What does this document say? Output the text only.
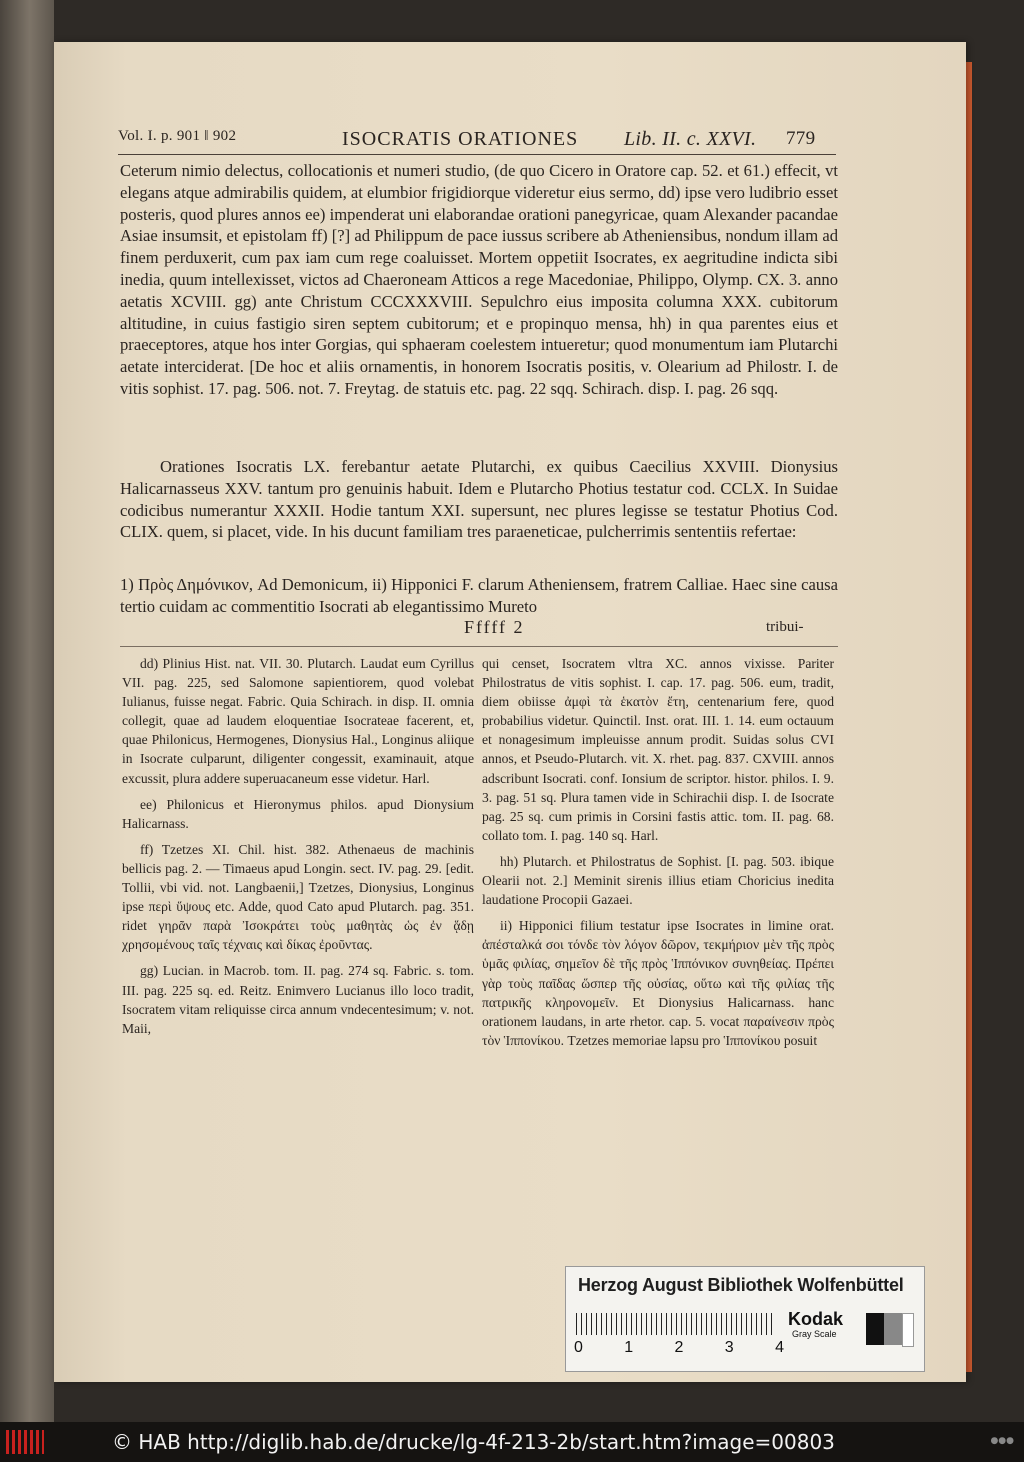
Vol. I. p. 901 ‖ 902	ISOCRATIS ORATIONES Lib. II. c. XXVI. 779
Ceterum nimio delectus, collocationis et numeri studio, (de quo Cicero in Oratore cap. 52. et 61.) effecit, vt elegans atque admirabilis quidem, at elumbior frigidiorque videretur eius sermo, dd) ipse vero ludibrio esset posteris, quod plures annos ee) impenderat uni elaborandae orationi panegyricae, quam Alexander pacandae Asiae insumsit, et epistolam ff) [?] ad Philippum de pace iussus scribere ab Atheniensibus, nondum illam ad finem perduxerit, cum pax iam cum rege coaluisset. Mortem oppetiit Isocrates, ex aegritudine indicta sibi inedia, quum intellexisset, victos ad Chaeroneam Atticos a rege Macedoniae, Philippo, Olymp. CX. 3. anno aetatis XCVIII. gg) ante Christum CCCXXXVIII. Sepulchro eius imposita columna XXX. cubitorum altitudine, in cuius fastigio siren septem cubitorum; et e propinquo mensa, hh) in qua parentes eius et praeceptores, atque hos inter Gorgias, qui sphaeram coelestem intueretur; quod monumentum iam Plutarchi aetate interciderat. [De hoc et aliis ornamentis, in honorem Isocratis positis, v. Olearium ad Philostr. I. de vitis sophist. 17. pag. 506. not. 7. Freytag. de statuis etc. pag. 22 sqq. Schirach. disp. I. pag. 26 sqq.
Orationes Isocratis LX. ferebantur aetate Plutarchi, ex quibus Caecilius XXVIII. Dionysius Halicarnasseus XXV. tantum pro genuinis habuit. Idem e Plutarcho Photius testatur cod. CCLX. In Suidae codicibus numerantur XXXII. Hodie tantum XXI. supersunt, nec plures legisse se testatur Photius Cod. CLIX. quem, si placet, vide. In his ducunt familiam tres paraeneticae, pulcherrimis sententiis refertae:
1) Πρὸς Δημόνικον, Ad Demonicum, ii) Hipponici F. clarum Atheniensem, fratrem Calliae. Haec sine causa tertio cuidam ac commentitio Isocrati ab elegantissimo Mureto
Fffff 2	tribui-

dd) Plinius Hist. nat. VII. 30. Plutarch. Laudat eum Cyrillus VII. pag. 225, sed Salomone sapientiorem, quod volebat Iulianus, fuisse negat. Fabric. Quia Schirach. in disp. II. omnia collegit, quae ad laudem eloquentiae Isocrateae facerent, et, quae Philonicus, Hermogenes, Dionysius Hal., Longinus aliique in Isocrate culparunt, diligenter congessit, examinauit, atque excussit, plura addere superuacaneum esse videtur. Harl.

ee) Philonicus et Hieronymus philos. apud Dionysium Halicarnass.

ff) Tzetzes XI. Chil. hist. 382. Athenaeus de machinis bellicis pag. 2. — Timaeus apud Longin. sect. IV. pag. 29. [edit. Tollii, vbi vid. not. Langbaenii,] Tzetzes, Dionysius, Longinus ipse περὶ ὕψους etc. Adde, quod Cato apud Plutarch. pag. 351. ridet γηρᾶν παρὰ Ἰσοκράτει τοὺς μαθητὰς ὡς ἐν ᾅδῃ χρησομένους ταῖς τέχναις καὶ δίκας ἐροῦντας.

gg) Lucian. in Macrob. tom. II. pag. 274 sq. Fabric. s. tom. III. pag. 225 sq. ed. Reitz. Enimvero Lucianus illo loco tradit, Isocratem vitam reliquisse circa annum vndecentesimum; v. not. Maii,

qui censet, Isocratem vltra XC. annos vixisse. Pariter Philostratus de vitis sophist. I. cap. 17. pag. 506. eum, tradit, diem obiisse ἀμφὶ τὰ ἑκατὸν ἔτη, centenarium fere, quod probabilius videtur. Quinctil. Inst. orat. III. 1. 14. eum octauum et nonagesimum impleuisse annum prodit. Suidas solus CVI annos, et Pseudo-Plutarch. vit. X. rhet. pag. 837. CXVIII. annos adscribunt Isocrati. conf. Ionsium de scriptor. histor. philos. I. 9. 3. pag. 51 sq. Plura tamen vide in Schirachii disp. I. de Isocrate pag. 25 sq. cum primis in Corsini fastis attic. tom. II. pag. 68. collato tom. I. pag. 140 sq. Harl.

hh) Plutarch. et Philostratus de Sophist. [I. pag. 503. ibique Olearii not. 2.] Meminit sirenis illius etiam Choricius inedita laudatione Procopii Gazaei.

ii) Hipponici filium testatur ipse Isocrates in limine orat. ἀπέσταλκά σοι τόνδε τὸν λόγον δῶρον, τεκμήριον μὲν τῆς πρὸς ὑμᾶς φιλίας, σημεῖον δὲ τῆς πρὸς Ἱππόνικον συνηθείας. Πρέπει γὰρ τοὺς παῖδας ὥσπερ τῆς οὐσίας, οὕτω καὶ τῆς φιλίας τῆς πατρικῆς κληρονομεῖν. Et Dionysius Halicarnass. hanc orationem laudans, in arte rhetor. cap. 5. vocat παραίνεσιν πρὸς τὸν Ἱππονίκου. Tzetzes memoriae lapsu pro Ἱππονίκου posuit

Herzog August Bibliothek Wolfenbüttel
0	1	2	3	4
Kodak
Gray Scale
© HAB http://diglib.hab.de/drucke/lg-4f-213-2b/start.htm?image=00803	●●●
